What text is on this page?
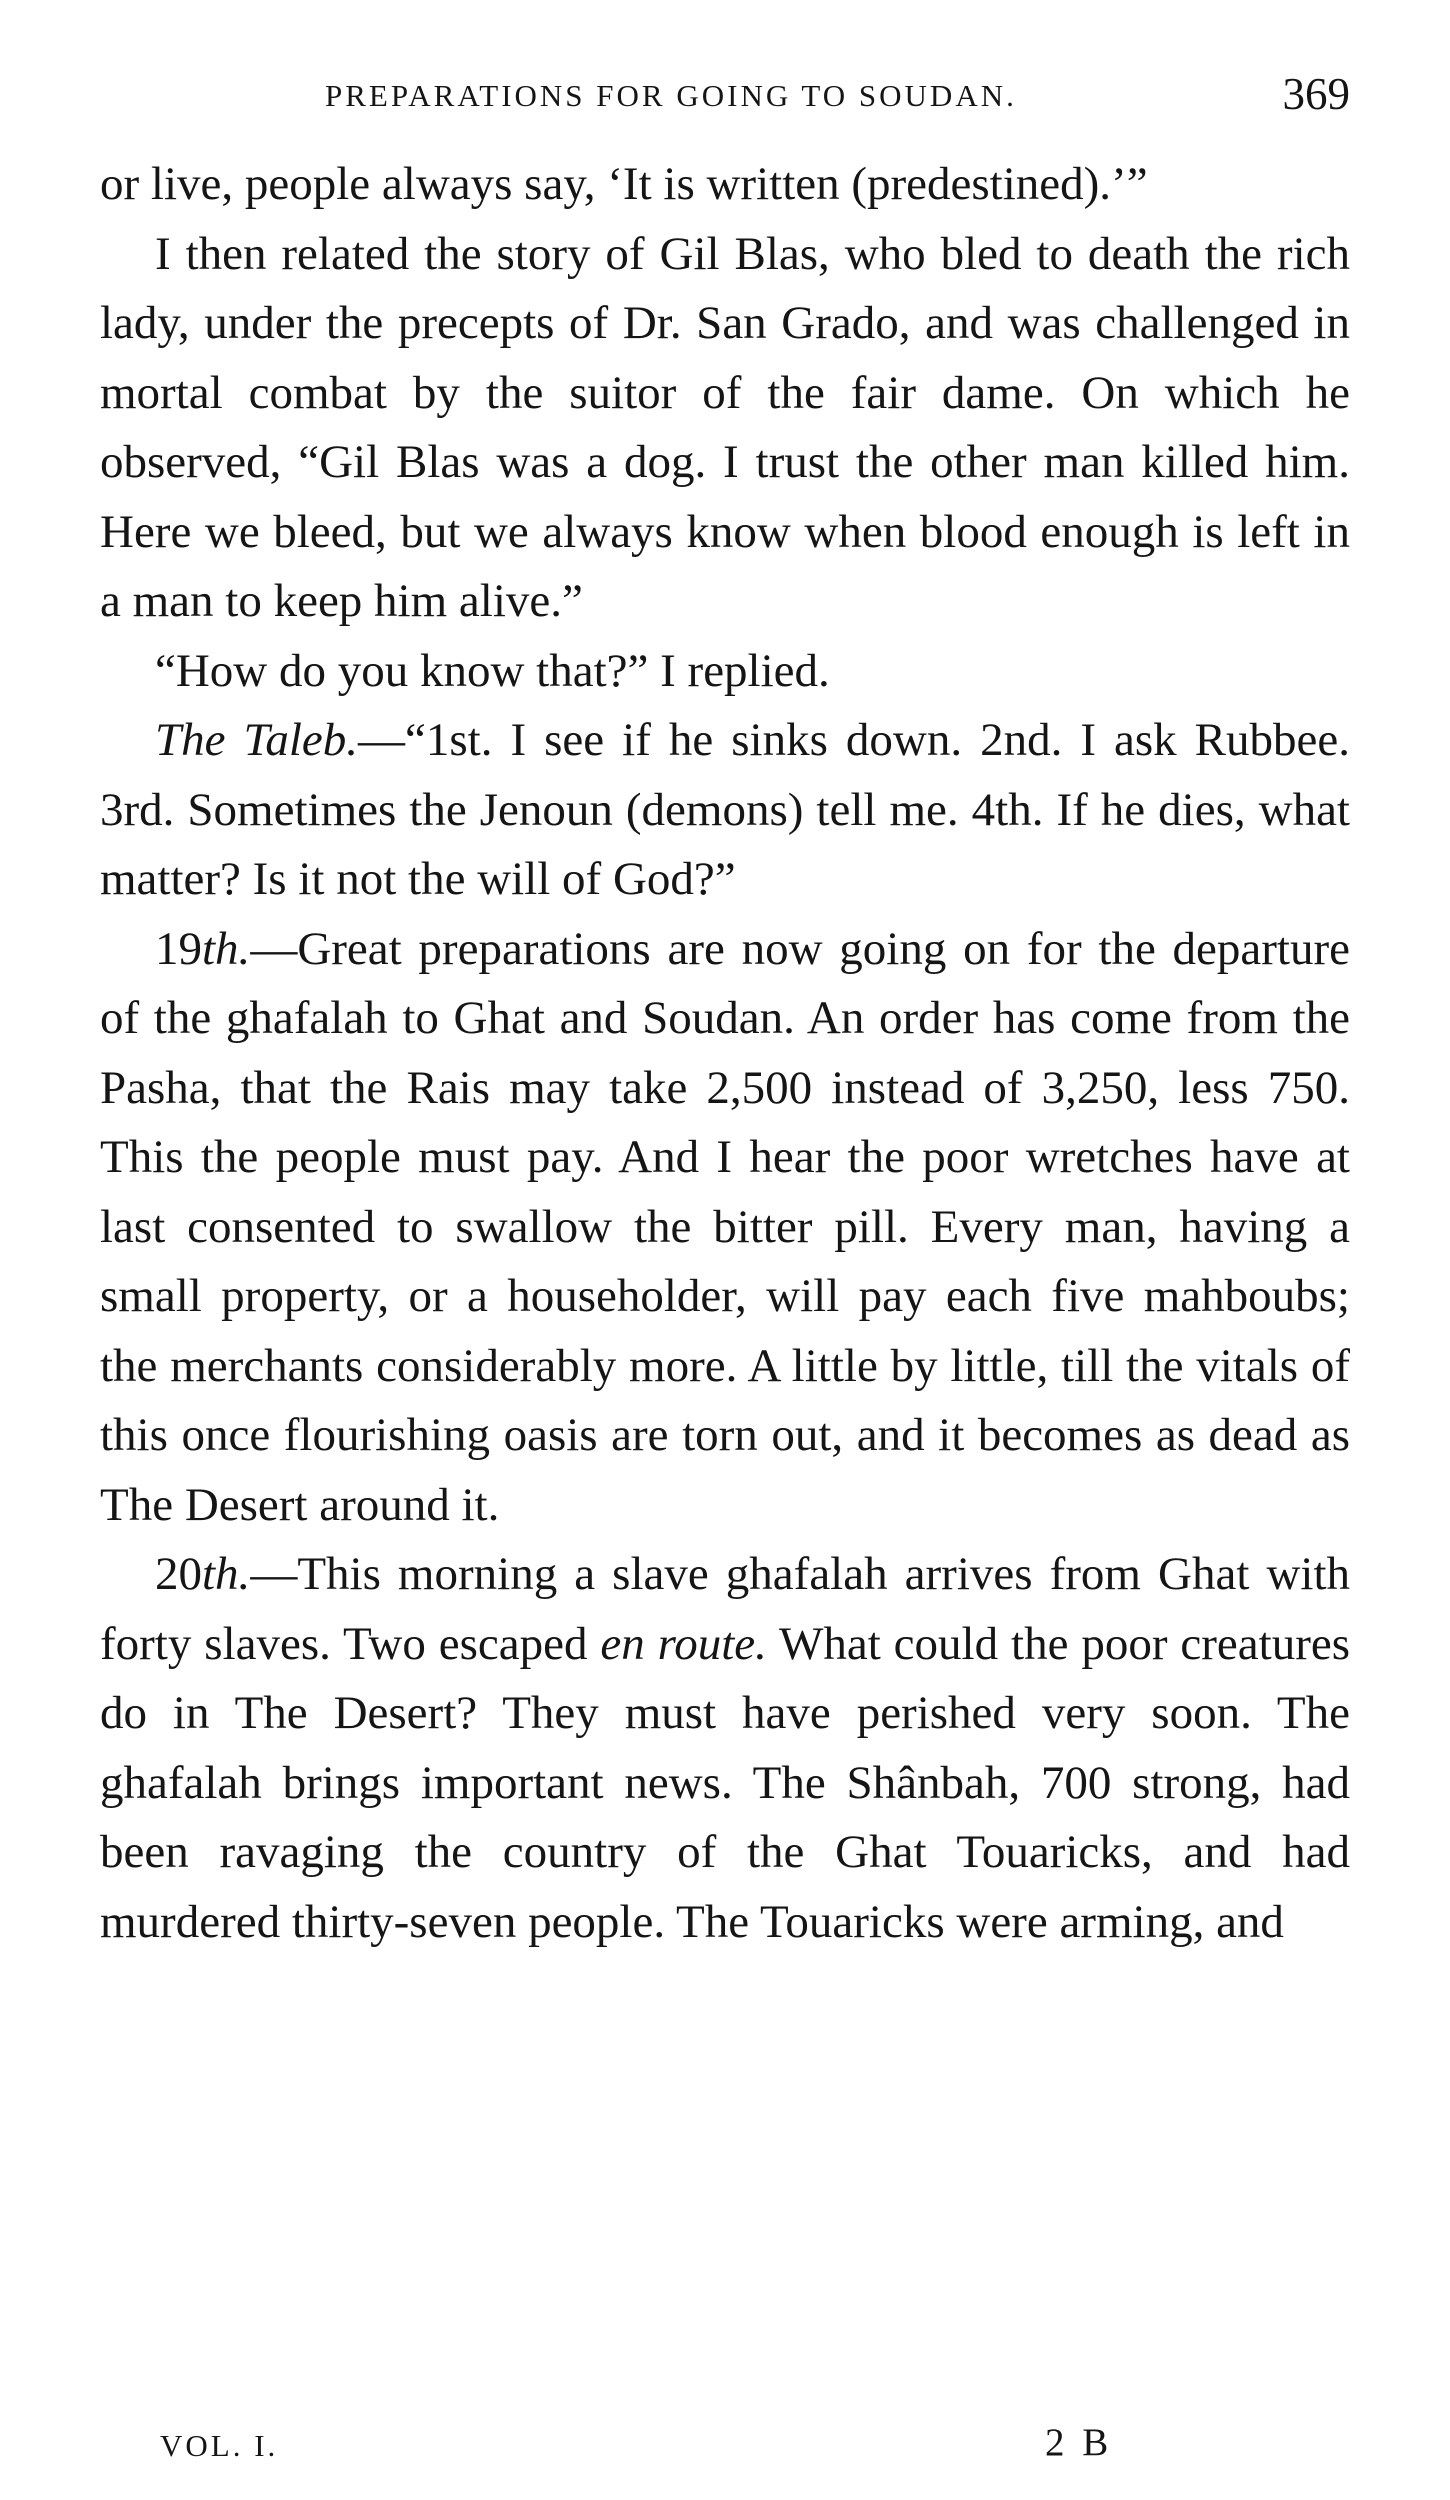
PREPARATIONS FOR GOING TO SOUDAN.	369

or live, people always say, ‘It is written (predestined).’”

I then related the story of Gil Blas, who bled to death the rich lady, under the precepts of Dr. San Grado, and was challenged in mortal combat by the suitor of the fair dame. On which he observed, “Gil Blas was a dog. I trust the other man killed him. Here we bleed, but we always know when blood enough is left in a man to keep him alive.”

“How do you know that?” I replied.

The Taleb.—“1st. I see if he sinks down. 2nd. I ask Rubbee. 3rd. Sometimes the Jenoun (demons) tell me. 4th. If he dies, what matter? Is it not the will of God?”

19th.—Great preparations are now going on for the departure of the ghafalah to Ghat and Soudan. An order has come from the Pasha, that the Rais may take 2,500 instead of 3,250, less 750. This the people must pay. And I hear the poor wretches have at last consented to swallow the bitter pill. Every man, having a small property, or a householder, will pay each five mahboubs; the merchants considerably more. A little by little, till the vitals of this once flourishing oasis are torn out, and it becomes as dead as The Desert around it.

20th.—This morning a slave ghafalah arrives from Ghat with forty slaves. Two escaped en route. What could the poor creatures do in The Desert? They must have perished very soon. The ghafalah brings important news. The Shânbah, 700 strong, had been ravaging the country of the Ghat Touaricks, and had murdered thirty-seven people. The Touaricks were arming, and

VOL. I.	2 B
